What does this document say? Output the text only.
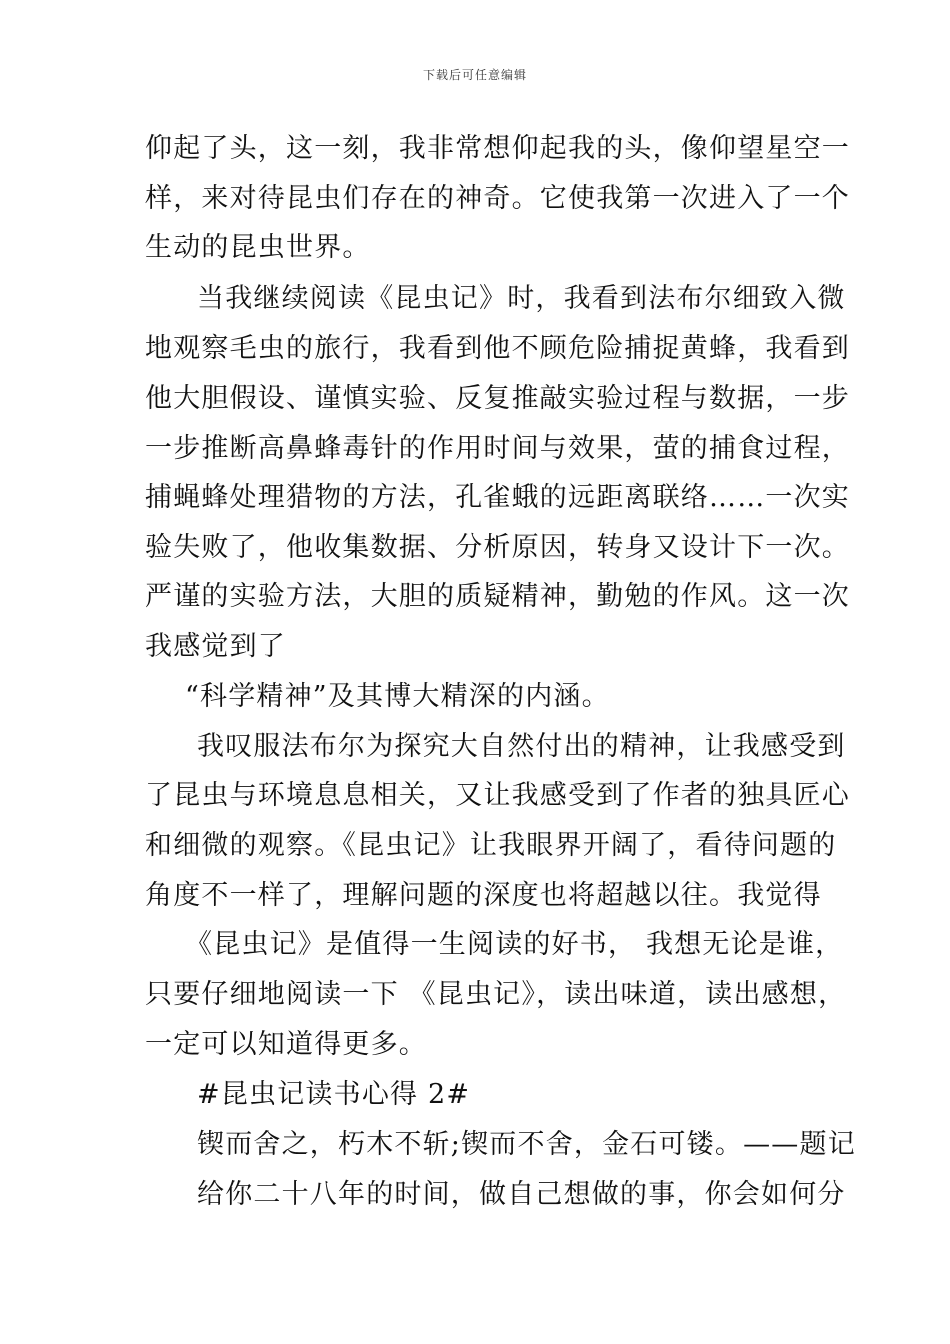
下载后可任意编辑
仰起了头，这一刻，我非常想仰起我的头，像仰望星空一
样，来对待昆虫们存在的神奇。它使我第一次进入了一个
生动的昆虫世界。
当我继续阅读《昆虫记》时，我看到法布尔细致入微
地观察毛虫的旅行，我看到他不顾危险捕捉黄蜂，我看到
他大胆假设、谨慎实验、反复推敲实验过程与数据，一步
一步推断高鼻蜂毒针的作用时间与效果，萤的捕食过程，
捕蝇蜂处理猎物的方法，孔雀蛾的远距离联络……一次实
验失败了，他收集数据、分析原因，转身又设计下一次。
严谨的实验方法，大胆的质疑精神，勤勉的作风。这一次
我感觉到了
“科学精神”及其博大精深的内涵。
我叹服法布尔为探究大自然付出的精神，让我感受到
了昆虫与环境息息相关，又让我感受到了作者的独具匠心
和细微的观察。《昆虫记》让我眼界开阔了，看待问题的
角度不一样了，理解问题的深度也将超越以往。我觉得
《昆虫记》是值得一生阅读的好书， 我想无论是谁，
只要仔细地阅读一下 《昆虫记》，读出味道，读出感想，
一定可以知道得更多。
#昆虫记读书心得 2#
锲而舍之，朽木不斩;锲而不舍，金石可镂。——题记
给你二十八年的时间，做自己想做的事，你会如何分
